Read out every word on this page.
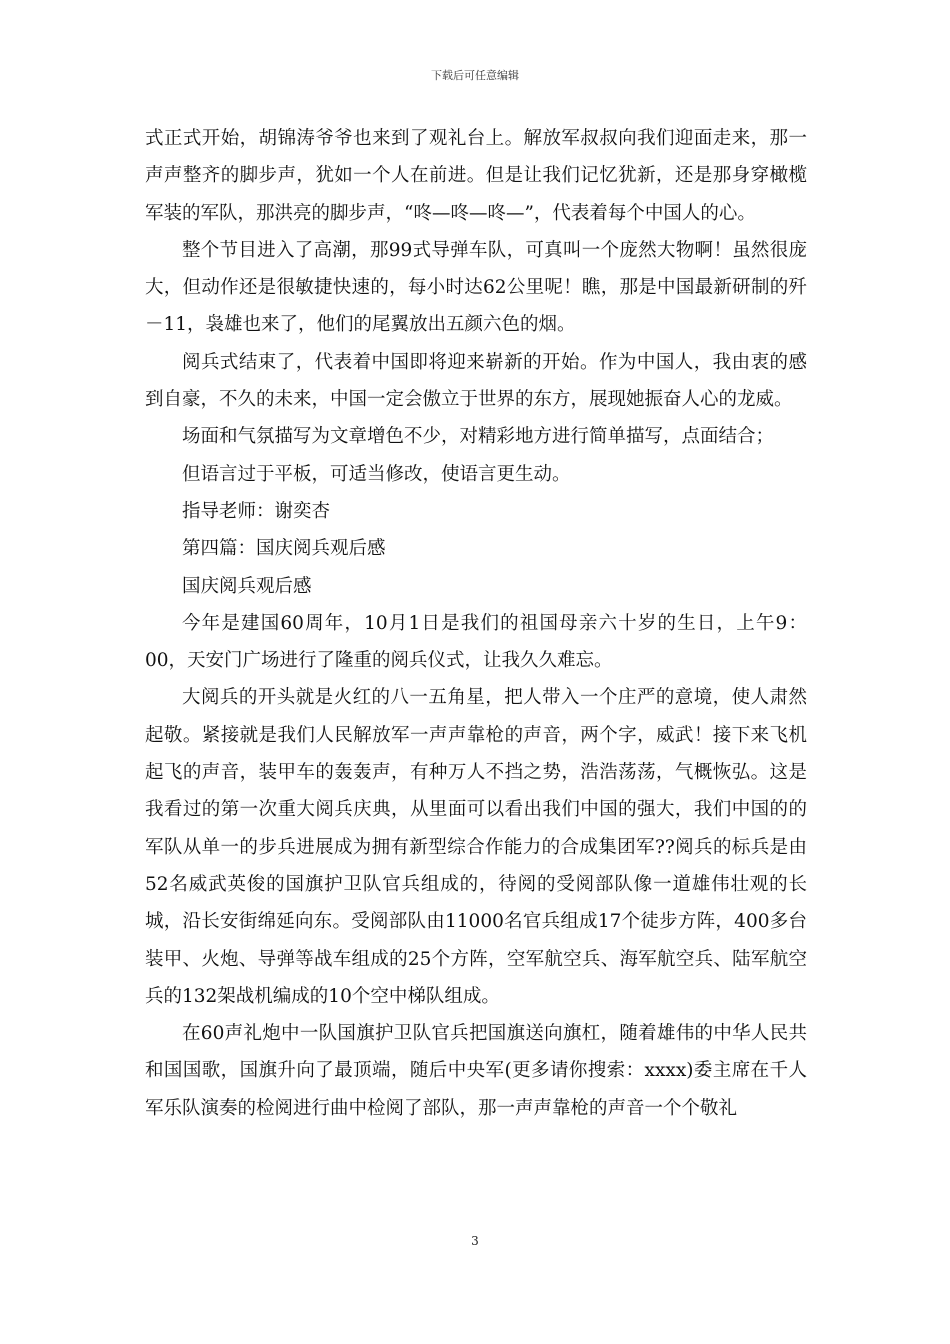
下载后可任意编辑

式正式开始，胡锦涛爷爷也来到了观礼台上。解放军叔叔向我们迎面走来，那一声声整齐的脚步声，犹如一个人在前进。但是让我们记忆犹新，还是那身穿橄榄军装的军队，那洪亮的脚步声，“咚—咚—咚—”，代表着每个中国人的心。

整个节目进入了高潮，那99式导弹车队，可真叫一个庞然大物啊！虽然很庞大，但动作还是很敏捷快速的，每小时达62公里呢！瞧，那是中国最新研制的歼－11，袅雄也来了，他们的尾翼放出五颜六色的烟。

阅兵式结束了，代表着中国即将迎来崭新的开始。作为中国人，我由衷的感到自豪，不久的未来，中国一定会傲立于世界的东方，展现她振奋人心的龙威。

场面和气氛描写为文章增色不少，对精彩地方进行简单描写，点面结合；

但语言过于平板，可适当修改，使语言更生动。

指导老师：谢奕杏

第四篇：国庆阅兵观后感

国庆阅兵观后感

今年是建国60周年，10月1日是我们的祖国母亲六十岁的生日，上午9：00，天安门广场进行了隆重的阅兵仪式，让我久久难忘。

大阅兵的开头就是火红的八一五角星，把人带入一个庄严的意境，使人肃然起敬。紧接就是我们人民解放军一声声靠枪的声音，两个字，威武！接下来飞机起飞的声音，装甲车的轰轰声，有种万人不挡之势，浩浩荡荡，气概恢弘。这是我看过的第一次重大阅兵庆典，从里面可以看出我们中国的强大，我们中国的的军队从单一的步兵进展成为拥有新型综合作能力的合成集团军??阅兵的标兵是由52名威武英俊的国旗护卫队官兵组成的，待阅的受阅部队像一道雄伟壮观的长城，沿长安街绵延向东。受阅部队由11000名官兵组成17个徒步方阵，400多台装甲、火炮、导弹等战车组成的25个方阵，空军航空兵、海军航空兵、陆军航空兵的132架战机编成的10个空中梯队组成。

在60声礼炮中一队国旗护卫队官兵把国旗送向旗杠，随着雄伟的中华人民共和国国歌，国旗升向了最顶端，随后中央军(更多请你搜索：xxxx)委主席在千人军乐队演奏的检阅进行曲中检阅了部队，那一声声靠枪的声音一个个敬礼

3
